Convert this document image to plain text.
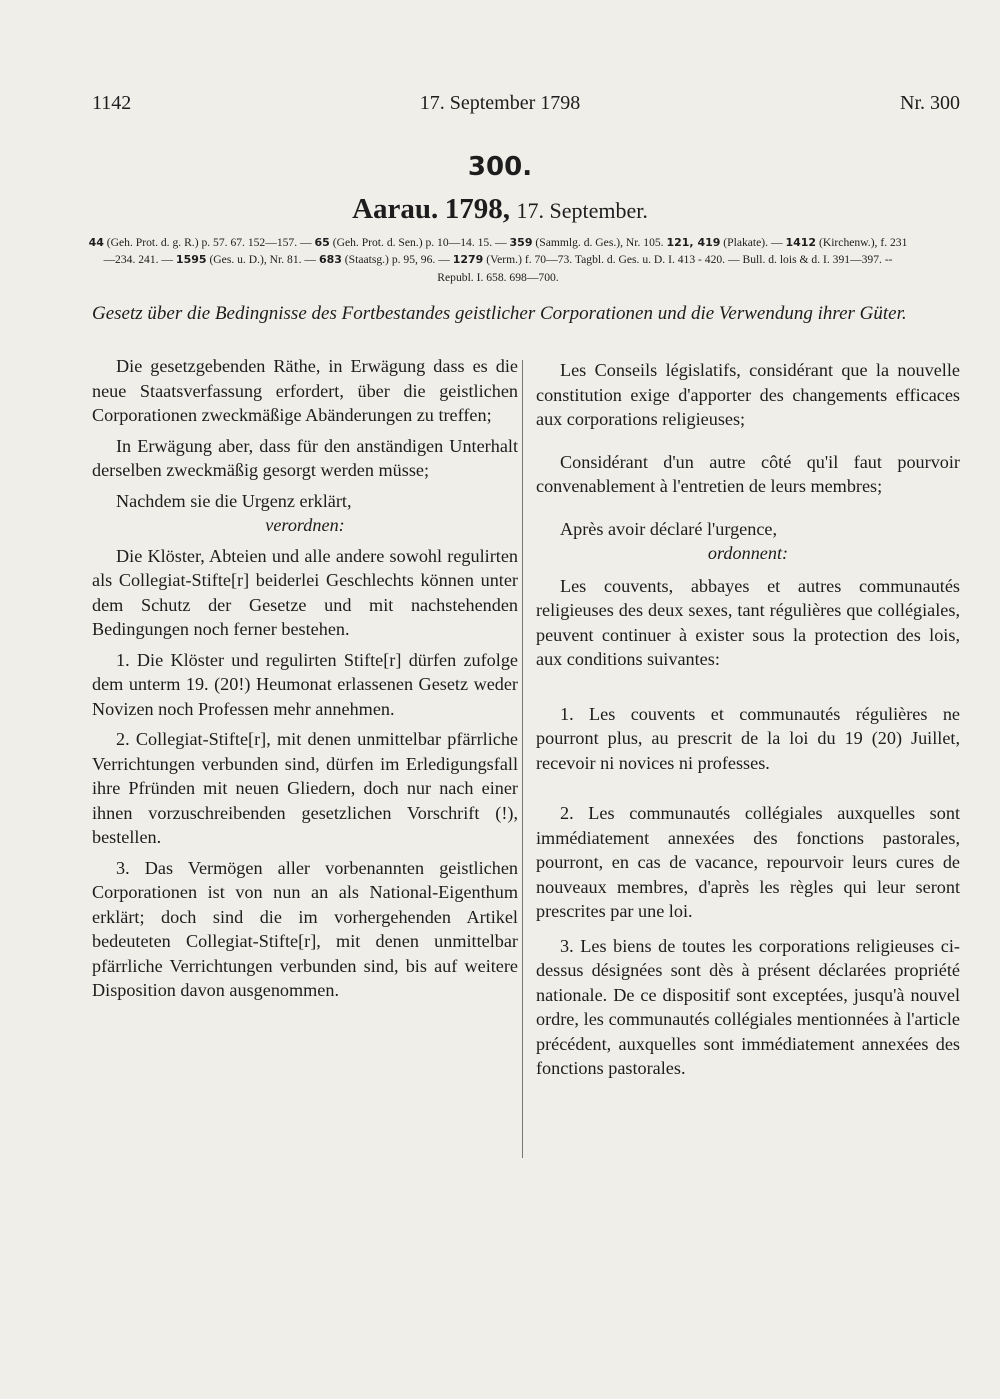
1142	17. September 1798	Nr. 300
300.
Aarau. 1798, 17. September.
44 (Geh. Prot. d. g. R.) p. 57. 67. 152—157. — 65 (Geh. Prot. d. Sen.) p. 10—14. 15. — 359 (Sammlg. d. Ges.), Nr. 105. 121, 419 (Plakate). — 1412 (Kirchenw.), f. 231—234. 241. — 1595 (Ges. u. D.), Nr. 81. — 683 (Staatsg.) p. 95, 96. — 1279 (Verm.) f. 70—73. Tagbl. d. Ges. u. D. I. 413 - 420. — Bull. d. lois & d. I. 391—397. -- Republ. I. 658. 698—700.
Gesetz über die Bedingnisse des Fortbestandes geistlicher Corporationen und die Verwendung ihrer Güter.

Die gesetzgebenden Räthe, in Erwägung dass es die neue Staatsverfassung erfordert, über die geistlichen Corporationen zweckmäßige Abänderungen zu treffen;

In Erwägung aber, dass für den anständigen Unterhalt derselben zweckmäßig gesorgt werden müsse;

Nachdem sie die Urgenz erklärt,

verordnen:

Die Klöster, Abteien und alle andere sowohl regulirten als Collegiat-Stifte[r] beiderlei Geschlechts können unter dem Schutz der Gesetze und mit nachstehenden Bedingungen noch ferner bestehen.

1. Die Klöster und regulirten Stifte[r] dürfen zufolge dem unterm 19. (20!) Heumonat erlassenen Gesetz weder Novizen noch Professen mehr annehmen.

2. Collegiat-Stifte[r], mit denen unmittelbar pfärrliche Verrichtungen verbunden sind, dürfen im Erledigungsfall ihre Pfründen mit neuen Gliedern, doch nur nach einer ihnen vorzuschreibenden gesetzlichen Vorschrift (!), bestellen.

3. Das Vermögen aller vorbenannten geistlichen Corporationen ist von nun an als National-Eigenthum erklärt; doch sind die im vorhergehenden Artikel bedeuteten Collegiat-Stifte[r], mit denen unmittelbar pfärrliche Verrichtungen verbunden sind, bis auf weitere Disposition davon ausgenommen.

Les Conseils législatifs, considérant que la nouvelle constitution exige d'apporter des changements efficaces aux corporations religieuses;

Considérant d'un autre côté qu'il faut pourvoir convenablement à l'entretien de leurs membres;

Après avoir déclaré l'urgence,

ordonnent:

Les couvents, abbayes et autres communautés religieuses des deux sexes, tant régulières que collégiales, peuvent continuer à exister sous la protection des lois, aux conditions suivantes:

1. Les couvents et communautés régulières ne pourront plus, au prescrit de la loi du 19 (20) Juillet, recevoir ni novices ni professes.

2. Les communautés collégiales auxquelles sont immédiatement annexées des fonctions pastorales, pourront, en cas de vacance, repourvoir leurs cures de nouveaux membres, d'après les règles qui leur seront prescrites par une loi.

3. Les biens de toutes les corporations religieuses ci-dessus désignées sont dès à présent déclarées propriété nationale. De ce dispositif sont exceptées, jusqu'à nouvel ordre, les communautés collégiales mentionnées à l'article précédent, auxquelles sont immédiatement annexées des fonctions pastorales.
